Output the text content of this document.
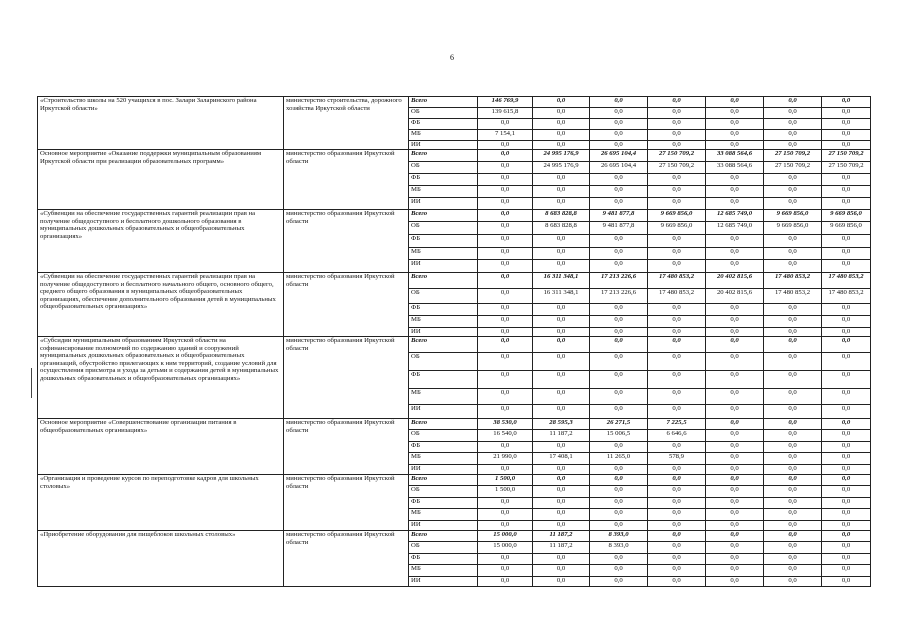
6
«Строительство школы на 520 учащихся в пос. Залари Заларинского района Иркутской области»	министерство строительства, дорожного хозяйства Иркутской области	Всего	146 769,9	0,0	0,0	0,0	0,0	0,0	0,0	
		ОБ	139 615,8	0,0	0,0	0,0	0,0	0,0	0,0	
		ФБ	0,0	0,0	0,0	0,0	0,0	0,0	0,0	
		МБ	7 154,1	0,0	0,0	0,0	0,0	0,0	0,0	
		ИИ	0,0	0,0	0,0	0,0	0,0	0,0	0,0	
Основное мероприятие «Оказание поддержки муниципальным образованиям Иркутской области при реализации образовательных программ»	министерство образования Иркутской области	Всего	0,0	24 995 176,9	26 695 104,4	27 150 709,2	33 088 564,6	27 150 709,2	27 150 709,2	
		ОБ	0,0	24 995 176,9	26 695 104,4	27 150 709,2	33 088 564,6	27 150 709,2	27 150 709,2	
		ФБ	0,0	0,0	0,0	0,0	0,0	0,0	0,0	
		МБ	0,0	0,0	0,0	0,0	0,0	0,0	0,0	
		ИИ	0,0	0,0	0,0	0,0	0,0	0,0	0,0	
«Субвенции на обеспечение государственных гарантий реализации прав на получение общедоступного и бесплатного дошкольного образования в муниципальных дошкольных образовательных и общеобразовательных организациях»	министерство образования Иркутской области	Всего	0,0	8 683 828,8	9 481 877,8	9 669 856,0	12 685 749,0	9 669 856,0	9 669 856,0	
		ОБ	0,0	8 683 828,8	9 481 877,8	9 669 856,0	12 685 749,0	9 669 856,0	9 669 856,0	
		ФБ	0,0	0,0	0,0	0,0	0,0	0,0	0,0	
		МБ	0,0	0,0	0,0	0,0	0,0	0,0	0,0	
		ИИ	0,0	0,0	0,0	0,0	0,0	0,0	0,0	
«Субвенции на обеспечение государственных гарантий реализации прав на получение общедоступного и бесплатного начального общего, основного общего, среднего общего образования в муниципальных общеобразовательных организациях, обеспечение дополнительного образования детей в муниципальных общеобразовательных организациях»	министерство образования Иркутской области	Всего	0,0	16 311 348,1	17 213 226,6	17 480 853,2	20 402 815,6	17 480 853,2	17 480 853,2	
		ОБ	0,0	16 311 348,1	17 213 226,6	17 480 853,2	20 402 815,6	17 480 853,2	17 480 853,2	
		ФБ	0,0	0,0	0,0	0,0	0,0	0,0	0,0	
		МБ	0,0	0,0	0,0	0,0	0,0	0,0	0,0	
		ИИ	0,0	0,0	0,0	0,0	0,0	0,0	0,0	
«Субсидии муниципальным образованиям Иркутской области на софинансирование полномочий по содержанию зданий и сооружений муниципальных дошкольных образовательных и общеобразовательных организаций, обустройство прилегающих к ним территорий, создание условий для осуществления присмотра и ухода за детьми и содержания детей в муниципальных дошкольных образовательных и общеобразовательных организациях»	министерство образования Иркутской области	Всего	0,0	0,0	0,0	0,0	0,0	0,0	0,0	
		ОБ	0,0	0,0	0,0	0,0	0,0	0,0	0,0	
		ФБ	0,0	0,0	0,0	0,0	0,0	0,0	0,0	
		МБ	0,0	0,0	0,0	0,0	0,0	0,0	0,0	
		ИИ	0,0	0,0	0,0	0,0	0,0	0,0	0,0	
Основное мероприятие «Совершенствование организации питания в общеобразовательных организациях»	министерство образования Иркутской области	Всего	38 530,0	28 595,3	26 271,5	7 225,5	0,0	0,0	0,0	
		ОБ	16 540,0	11 187,2	15 006,5	6 646,6	0,0	0,0	0,0	
		ФБ	0,0	0,0	0,0	0,0	0,0	0,0	0,0	
		МБ	21 990,0	17 408,1	11 265,0	578,9	0,0	0,0	0,0	
		ИИ	0,0	0,0	0,0	0,0	0,0	0,0	0,0	
«Организация и проведение курсов по переподготовке кадров для школьных столовых»	министерство образования Иркутской области	Всего	1 500,0	0,0	0,0	0,0	0,0	0,0	0,0	
		ОБ	1 500,0	0,0	0,0	0,0	0,0	0,0	0,0	
		ФБ	0,0	0,0	0,0	0,0	0,0	0,0	0,0	
		МБ	0,0	0,0	0,0	0,0	0,0	0,0	0,0	
		ИИ	0,0	0,0	0,0	0,0	0,0	0,0	0,0	
«Приобретение оборудования для пищеблоков школьных столовых»	министерство образования Иркутской области	Всего	15 000,0	11 187,2	8 393,0	0,0	0,0	0,0	0,0	
		ОБ	15 000,0	11 187,2	8 393,0	0,0	0,0	0,0	0,0	
		ФБ	0,0	0,0	0,0	0,0	0,0	0,0	0,0	
		МБ	0,0	0,0	0,0	0,0	0,0	0,0	0,0	
		ИИ	0,0	0,0	0,0	0,0	0,0	0,0	0,0	
